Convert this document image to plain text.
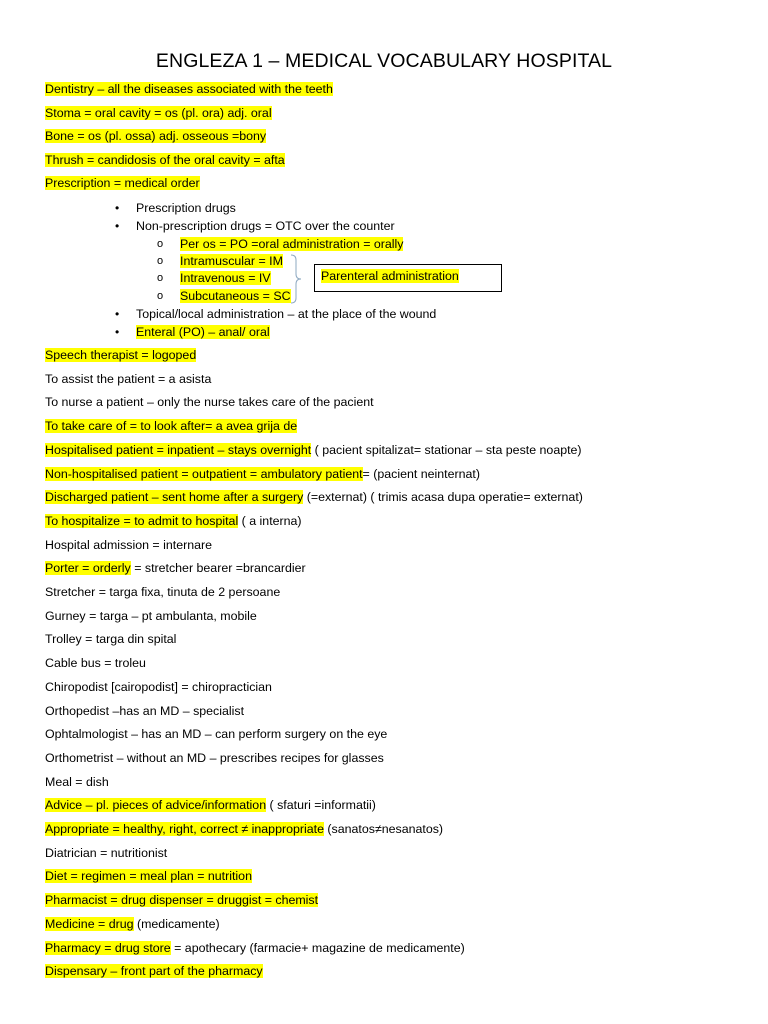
ENGLEZA 1 – MEDICAL VOCABULARY HOSPITAL
Dentistry – all the diseases associated with the teeth
Stoma = oral cavity = os (pl. ora) adj. oral
Bone = os (pl. ossa) adj. osseous =bony
Thrush = candidosis of the oral cavity = afta
Prescription = medical order
• Prescription drugs
• Non-prescription drugs = OTC over the counter
o Per os = PO =oral administration = orally
o Intramuscular = IM
o Intravenous = IV
o Subcutaneous = SC
Parenteral administration
• Topical/local administration – at the place of the wound
• Enteral (PO) – anal/ oral
Speech therapist = logoped
To assist the patient = a asista
To nurse a patient – only the nurse takes care of the pacient
To take care of = to look after= a avea grija de
Hospitalised patient = inpatient – stays overnight ( pacient spitalizat= stationar – sta peste noapte)
Non-hospitalised patient = outpatient = ambulatory patient= (pacient neinternat)
Discharged patient – sent home after a surgery (=externat) ( trimis acasa dupa operatie= externat)
To hospitalize = to admit to hospital ( a interna)
Hospital admission = internare
Porter = orderly = stretcher bearer =brancardier
Stretcher = targa fixa, tinuta de 2 persoane
Gurney = targa – pt ambulanta, mobile
Trolley = targa din spital
Cable bus = troleu
Chiropodist [cairopodist] = chiropractician
Orthopedist –has an MD – specialist
Ophtalmologist – has an MD – can perform surgery on the eye
Orthometrist – without an MD – prescribes recipes for glasses
Meal = dish
Advice – pl. pieces of advice/information ( sfaturi =informatii)
Appropriate = healthy, right, correct ≠ inappropriate (sanatos≠nesanatos)
Diatrician = nutritionist
Diet = regimen = meal plan = nutrition
Pharmacist = drug dispenser = druggist = chemist
Medicine = drug (medicamente)
Pharmacy = drug store = apothecary (farmacie+ magazine de medicamente)
Dispensary – front part of the pharmacy
